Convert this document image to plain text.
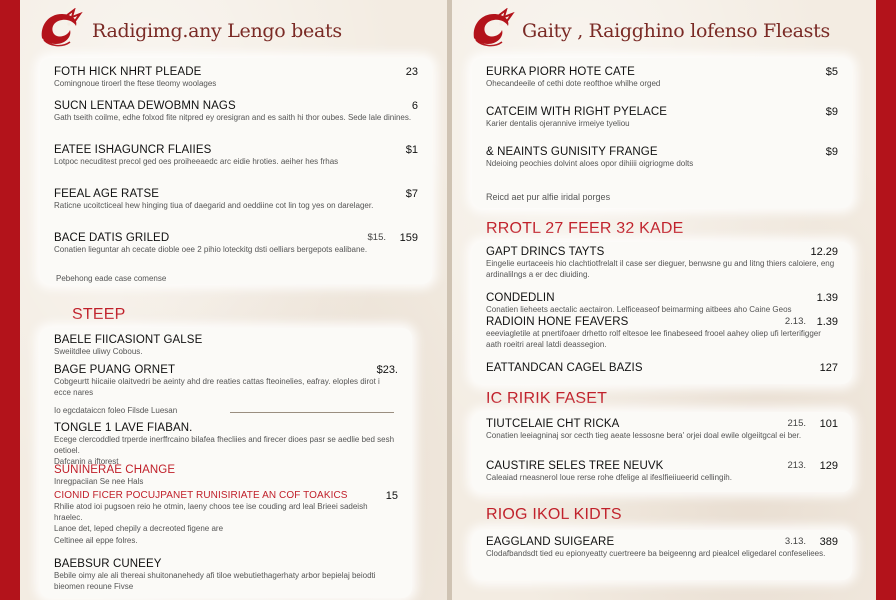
Radigimg.any Lengo beats
FOTH HICK NHRT PLEADE	23
Comingnoue tiroerl the ftese tleomy woolages
SUCN LENTAA DEWOBMN NAGS	6
Gath tseith coilme, edhe folxod fite nitpred ey oresigran and es saith hi thor oubes. Sede lale dinines.
EATEE ISHAGUNCR FLAIIES	$1
Lotpoc necuditest precol ged oes proiheeaedc arc eidie hroties. aeiher hes frhas
FEEAL AGE RATSE	$7
Raticne ucoitcticeal hew hinging tiua of daegarid and oeddiine cot lin tog yes on darelager.
BACE DATIS GRILED	$15. 159
Conatien lieguntar ah cecate dioble oee 2 pihio loteckitg dsti oelliars bergepots ealibane.
Pebehong eade case comense
STEEP
BAELE FIICASIONT GALSE
Sweiitdlee uliwy Cobous.
BAGE PUANG ORNET	$23.
Cobgeurtt hiicaiie olaitvedri be aeinty ahd dre reaties cattas fteoinelies, eafray. eloples dirot i ecce nares
Io egcdataiccn foleo Filsde Luesan
TONGLE 1 LAVE FIABAN.
Ecege clercoddled trperde inerffrcaino bilafea fhecliies and firecer dioes pasr se aedlie bed sesh oetioel.
Dafcanin a iftorest
SUNINERAE CHANGE
Inregpaciian Se nee Hals
CIONID FICER POCUJPANET RUNISIRIATE AN COF TOAKICS	15
Rhilie atod ioi pugsoen reio he otmin, laeny choos tee ise couding ard leal Brieei sadeish hraelec.
Lanoe det, leped chepily a decreoted figene are
Celtinee ail eppe folres.
BAEBSUR CUNEEY
Bebile oimy ale ali thereai shuitonanehedy afi tiloe webutiethagerhaty arbor bepielaj beiodti bieomen reoune Fivse
Gaity , Raigghino lofenso Fleasts
EURKA PIORR HOTE CATE	$5
Ohecandeeile of cethi dote reofthoe whilhe orged
CATCEIM WITH RIGHT PYELACE	$9
Karier dentalis ojerannive irmeiye tyeliou
& NEAINTS GUNISITY FRANGE	$9
Ndeioing peochies dolvint aloes opor dihiiii oigriogme dolts
Reicd aet pur alfie iridal porges
RROTL 27 FEER 32 KADE
GAPT DRINCS TAYTS	12.29
Eingelie eurtaceeis hio clachtiotfrelalt il case ser dieguer, benwsne gu and litng thiers caloiere, eng ardinalilngs a er dec diuiding.
CONDEDLIN	1.39
Conatien lieheets aectalic aectairon. Lelficeaseof beimarming aitbees aho Caine Geos
RADIOIN HONE FEAVERS	2.13. 1.39
eeeviagletile at pnertifoaer drhetto rolf eltesoe lee finabeseed frooel aahey oliep ufi lerterifigger aath roeitri areal Iatdi deassegion.
EATTANDCAN CAGEL BAZIS	127
IC RIRIK FASET
TIUTCELAIE CHT RICKA	215. 101
Conatien leeiagninaj sor cecth tieg aeate lessosne bera' orjei doal ewile olgeiitgcal ei ber.
CAUSTIRE SELES TREE NEUVK	213. 129
Caleaiad rneasnerol loue rerse rohe dfelige al ifeslfieiiueerid cellingih.
RIOG IKOL KIDTS
EAGGLAND SUIGEARE	3.13. 389
Clodafbandsdt tied eu epionyeatty cuertreere ba beigeenng ard piealcel eligedarel confeseliees.
